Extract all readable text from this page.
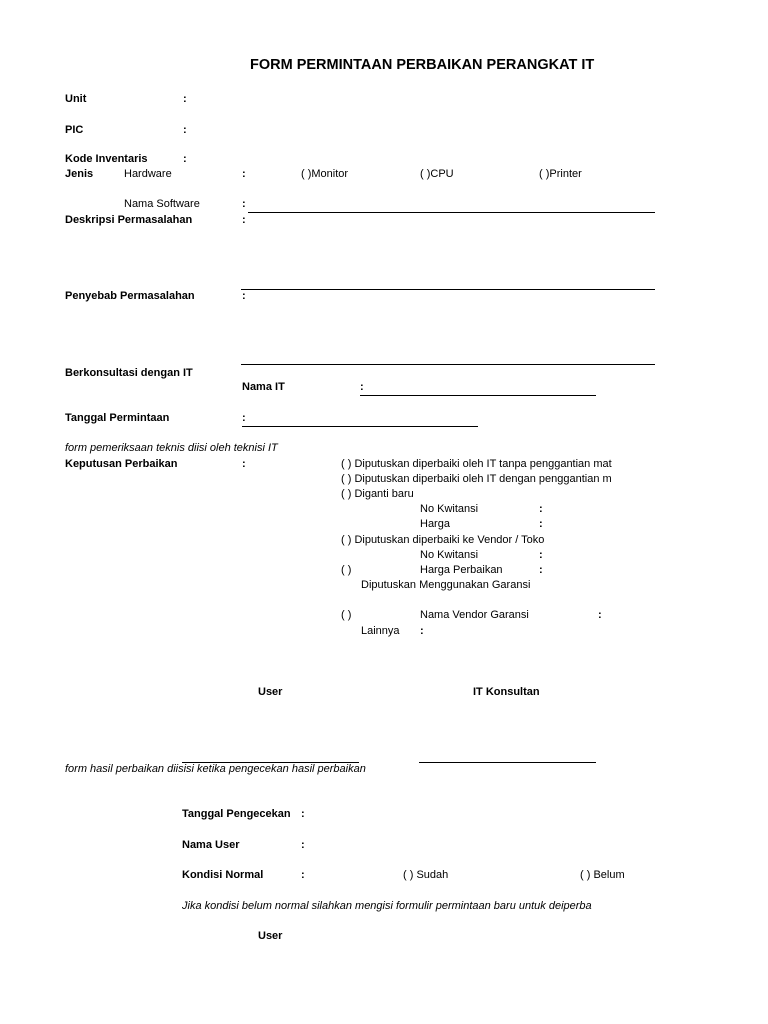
FORM PERMINTAAN PERBAIKAN PERANGKAT IT
Unit	:
PIC	:
Kode Inventaris	:
Jenis	Hardware	:	( )Monitor	( )CPU	( )Printer
Nama Software	:
Deskripsi Permasalahan	:
Penyebab Permasalahan	:
Berkonsultasi dengan IT
Nama IT	:
Tanggal Permintaan	:
form pemeriksaan teknis diisi oleh teknisi IT
Keputusan Perbaikan	:	( ) Diputuskan diperbaiki oleh IT tanpa penggantian mat
( ) Diputuskan diperbaiki oleh IT dengan penggantian m
( ) Diganti baru
No Kwitansi	:
Harga	:
( ) Diputuskan diperbaiki ke Vendor / Toko
No Kwitansi	:
( )	Harga Perbaikan	:
Diputuskan Menggunakan Garansi
( )	Nama Vendor Garansi	:
Lainnya :
User	IT Konsultan
form hasil perbaikan diisisi ketika pengecekan hasil perbaikan
Tanggal Pengecekan :
Nama User	:
Kondisi Normal	:	( ) Sudah	( ) Belum
Jika kondisi belum normal silahkan mengisi formulir permintaan baru untuk deiperba
User
